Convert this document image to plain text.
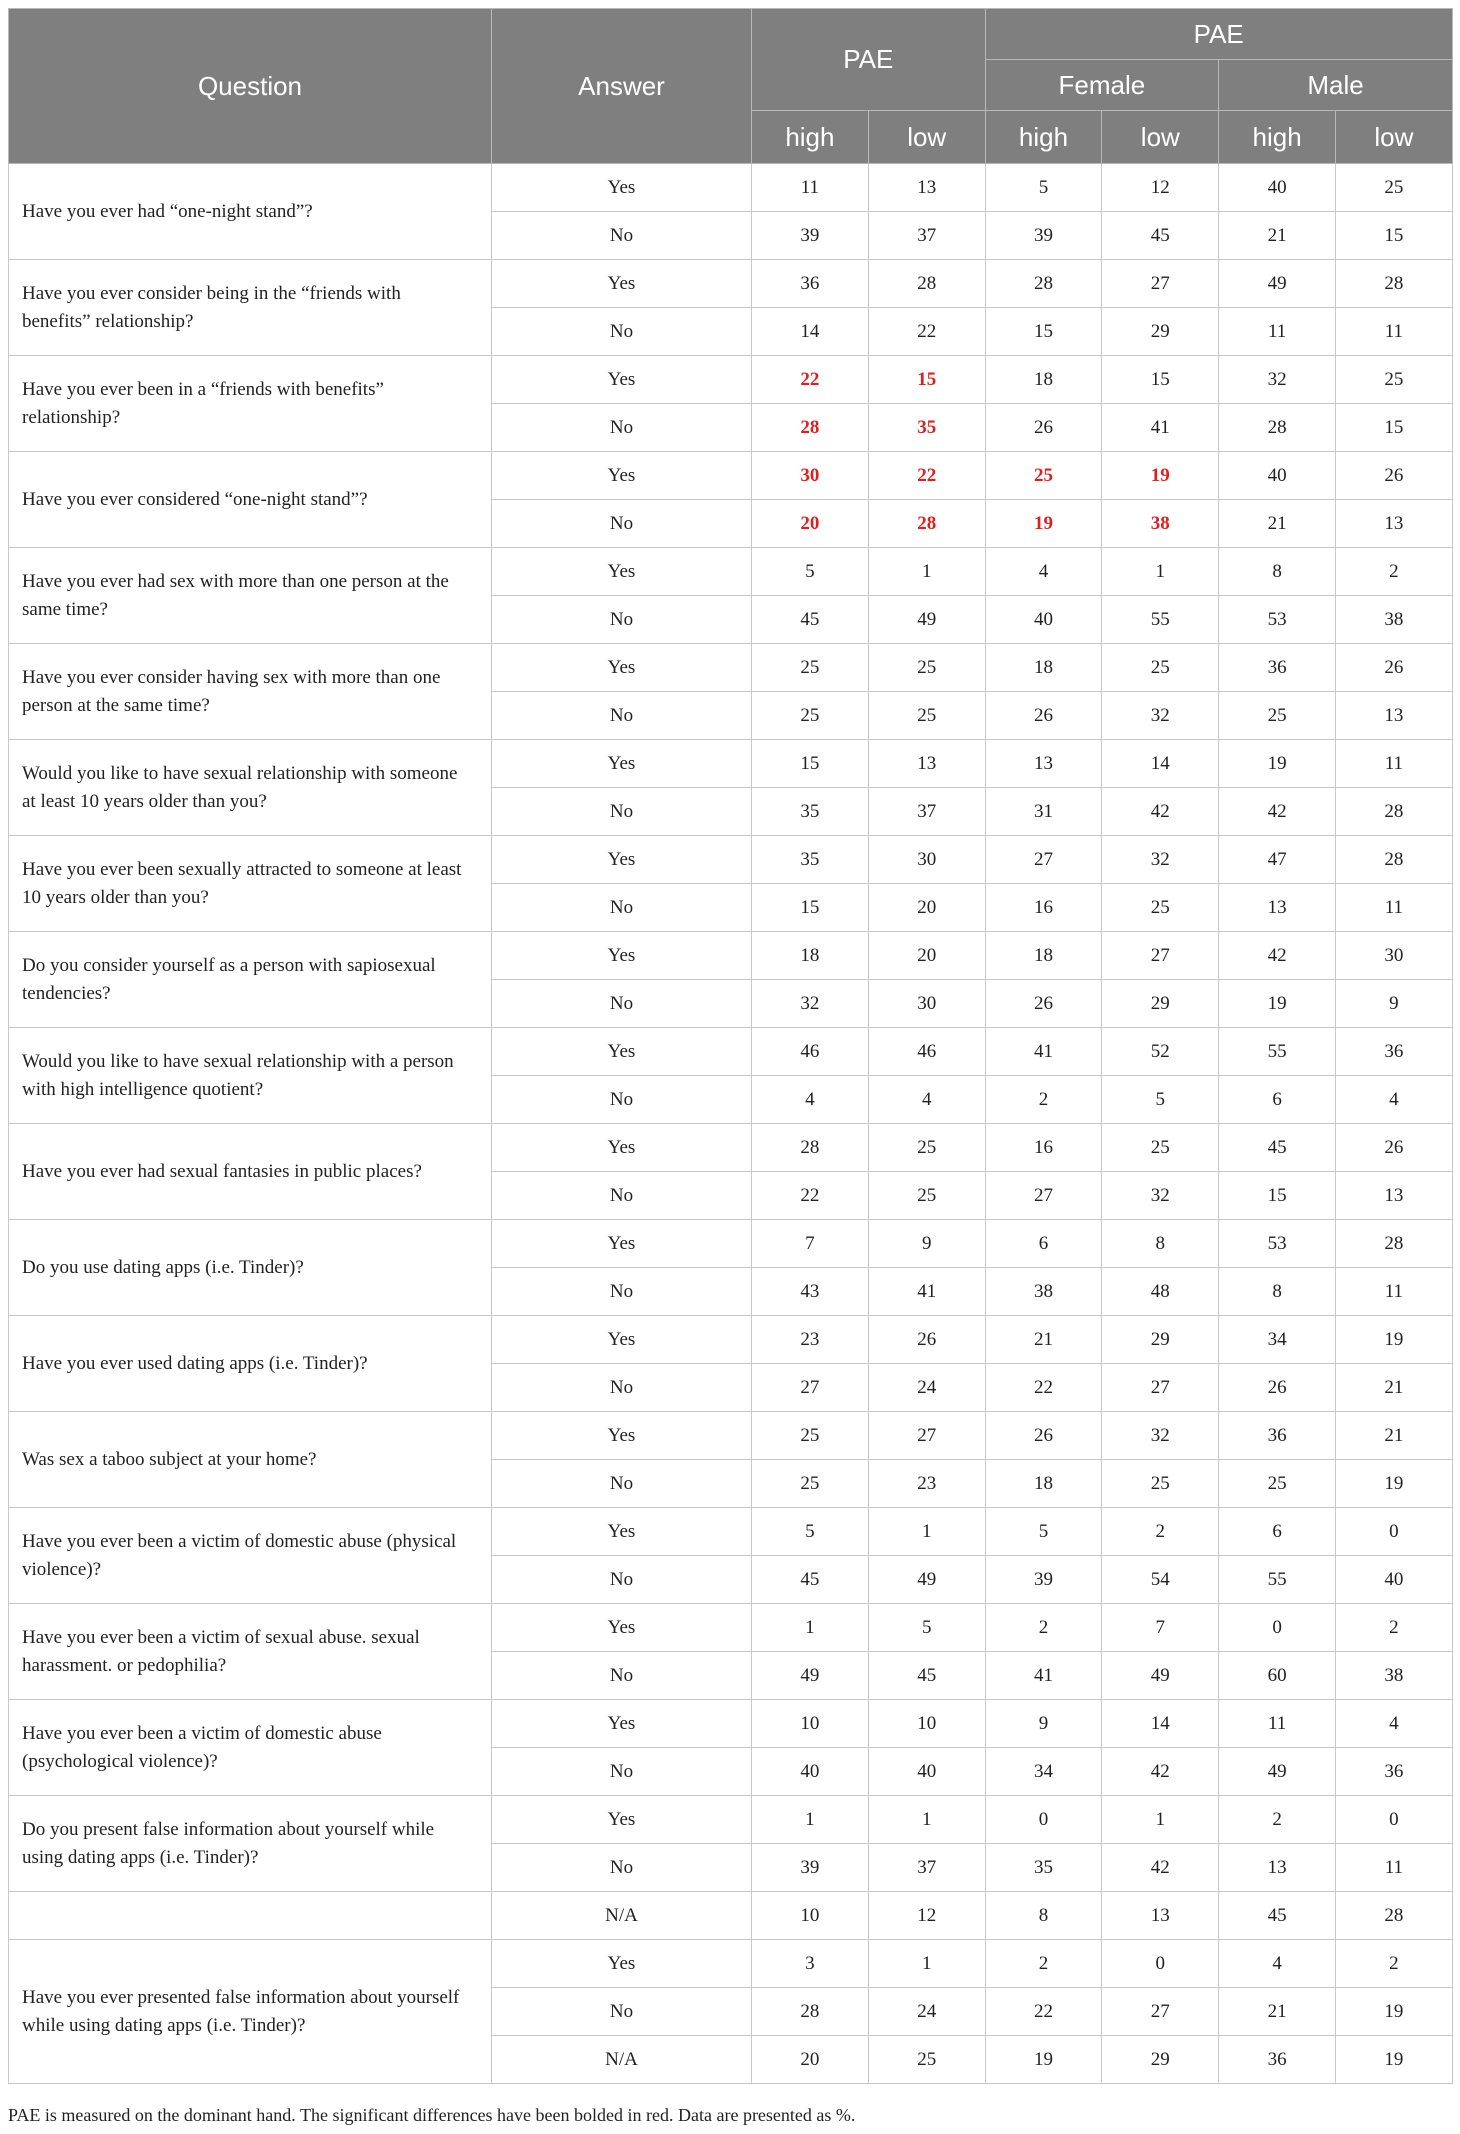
Question	Answer	PAE		PAE			
				Female		Male	
		high	low	high	low	high	low
Have you ever had “one-night stand”?	Yes	11	13	5	12	40	25
	No	39	37	39	45	21	15
Have you ever consider being in the “friends with benefits” relationship?	Yes	36	28	28	27	49	28
	No	14	22	15	29	11	11
Have you ever been in a “friends with benefits” relationship?	Yes	22	15	18	15	32	25
	No	28	35	26	41	28	15
Have you ever considered “one-night stand”?	Yes	30	22	25	19	40	26
	No	20	28	19	38	21	13
Have you ever had sex with more than one person at the same time?	Yes	5	1	4	1	8	2
	No	45	49	40	55	53	38
Have you ever consider having sex with more than one person at the same time?	Yes	25	25	18	25	36	26
	No	25	25	26	32	25	13
Would you like to have sexual relationship with someone at least 10 years older than you?	Yes	15	13	13	14	19	11
	No	35	37	31	42	42	28
Have you ever been sexually attracted to someone at least 10 years older than you?	Yes	35	30	27	32	47	28
	No	15	20	16	25	13	11
Do you consider yourself as a person with sapiosexual tendencies?	Yes	18	20	18	27	42	30
	No	32	30	26	29	19	9
Would you like to have sexual relationship with a person with high intelligence quotient?	Yes	46	46	41	52	55	36
	No	4	4	2	5	6	4
Have you ever had sexual fantasies in public places?	Yes	28	25	16	25	45	26
	No	22	25	27	32	15	13
Do you use dating apps (i.e. Tinder)?	Yes	7	9	6	8	53	28
	No	43	41	38	48	8	11
Have you ever used dating apps (i.e. Tinder)?	Yes	23	26	21	29	34	19
	No	27	24	22	27	26	21
Was sex a taboo subject at your home?	Yes	25	27	26	32	36	21
	No	25	23	18	25	25	19
Have you ever been a victim of domestic abuse (physical violence)?	Yes	5	1	5	2	6	0
	No	45	49	39	54	55	40
Have you ever been a victim of sexual abuse. sexual harassment. or pedophilia?	Yes	1	5	2	7	0	2
	No	49	45	41	49	60	38
Have you ever been a victim of domestic abuse (psychological violence)?	Yes	10	10	9	14	11	4
	No	40	40	34	42	49	36
Do you present false information about yourself while using dating apps (i.e. Tinder)?	Yes	1	1	0	1	2	0
	No	39	37	35	42	13	11
	N/A	10	12	8	13	45	28
Have you ever presented false information about yourself while using dating apps (i.e. Tinder)?	Yes	3	1	2	0	4	2
	No	28	24	22	27	21	19
	N/A	20	25	19	29	36	19
PAE is measured on the dominant hand. The significant differences have been bolded in red. Data are presented as %.
